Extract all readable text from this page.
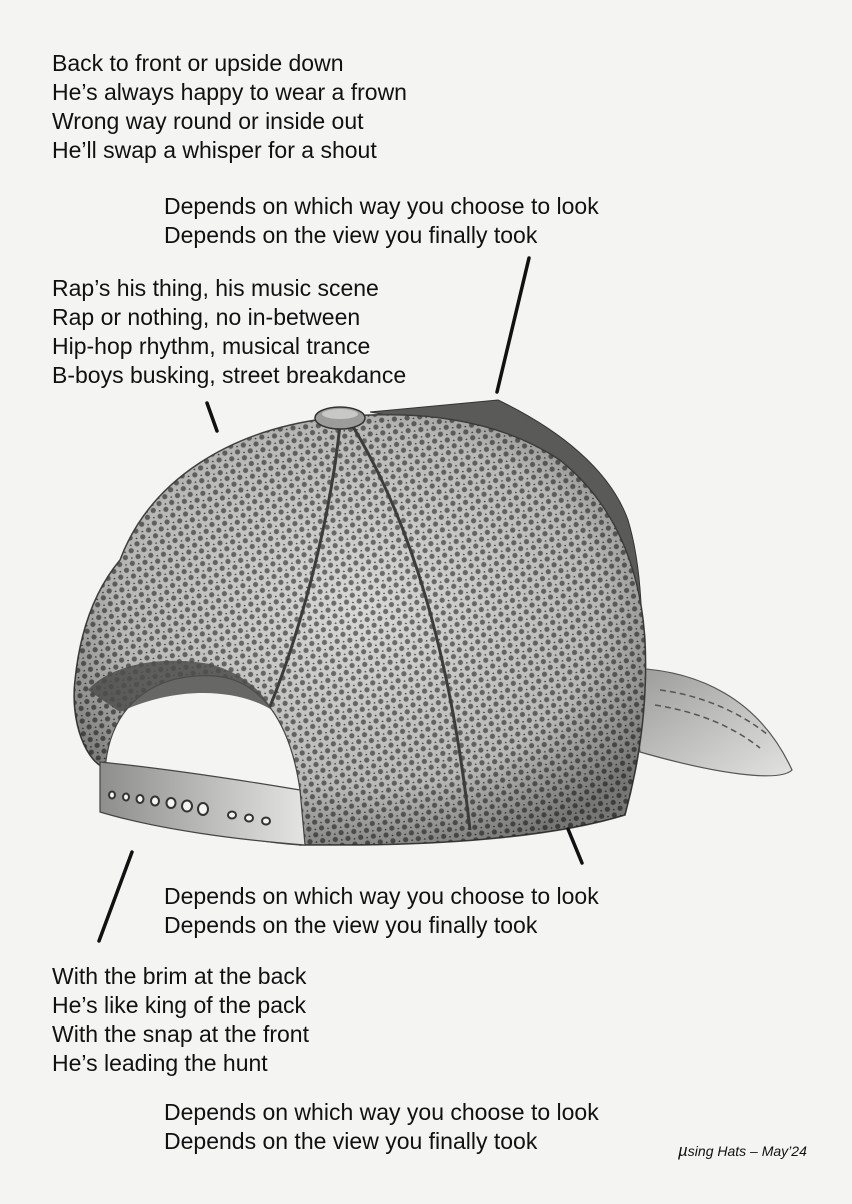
Back to front or upside down
He’s always happy to wear a frown
Wrong way round or inside out
He’ll swap a whisper for a shout
Depends on which way you choose to look
Depends on the view you finally took
Rap’s his thing, his music scene
Rap or nothing, no in-between
Hip-hop rhythm, musical trance
B-boys busking, street breakdance
Depends on which way you choose to look
Depends on the view you finally took
With the brim at the back
He’s like king of the pack
With the snap at the front
He’s leading the hunt
Depends on which way you choose to look
Depends on the view you finally took	µsing Hats – May’24
